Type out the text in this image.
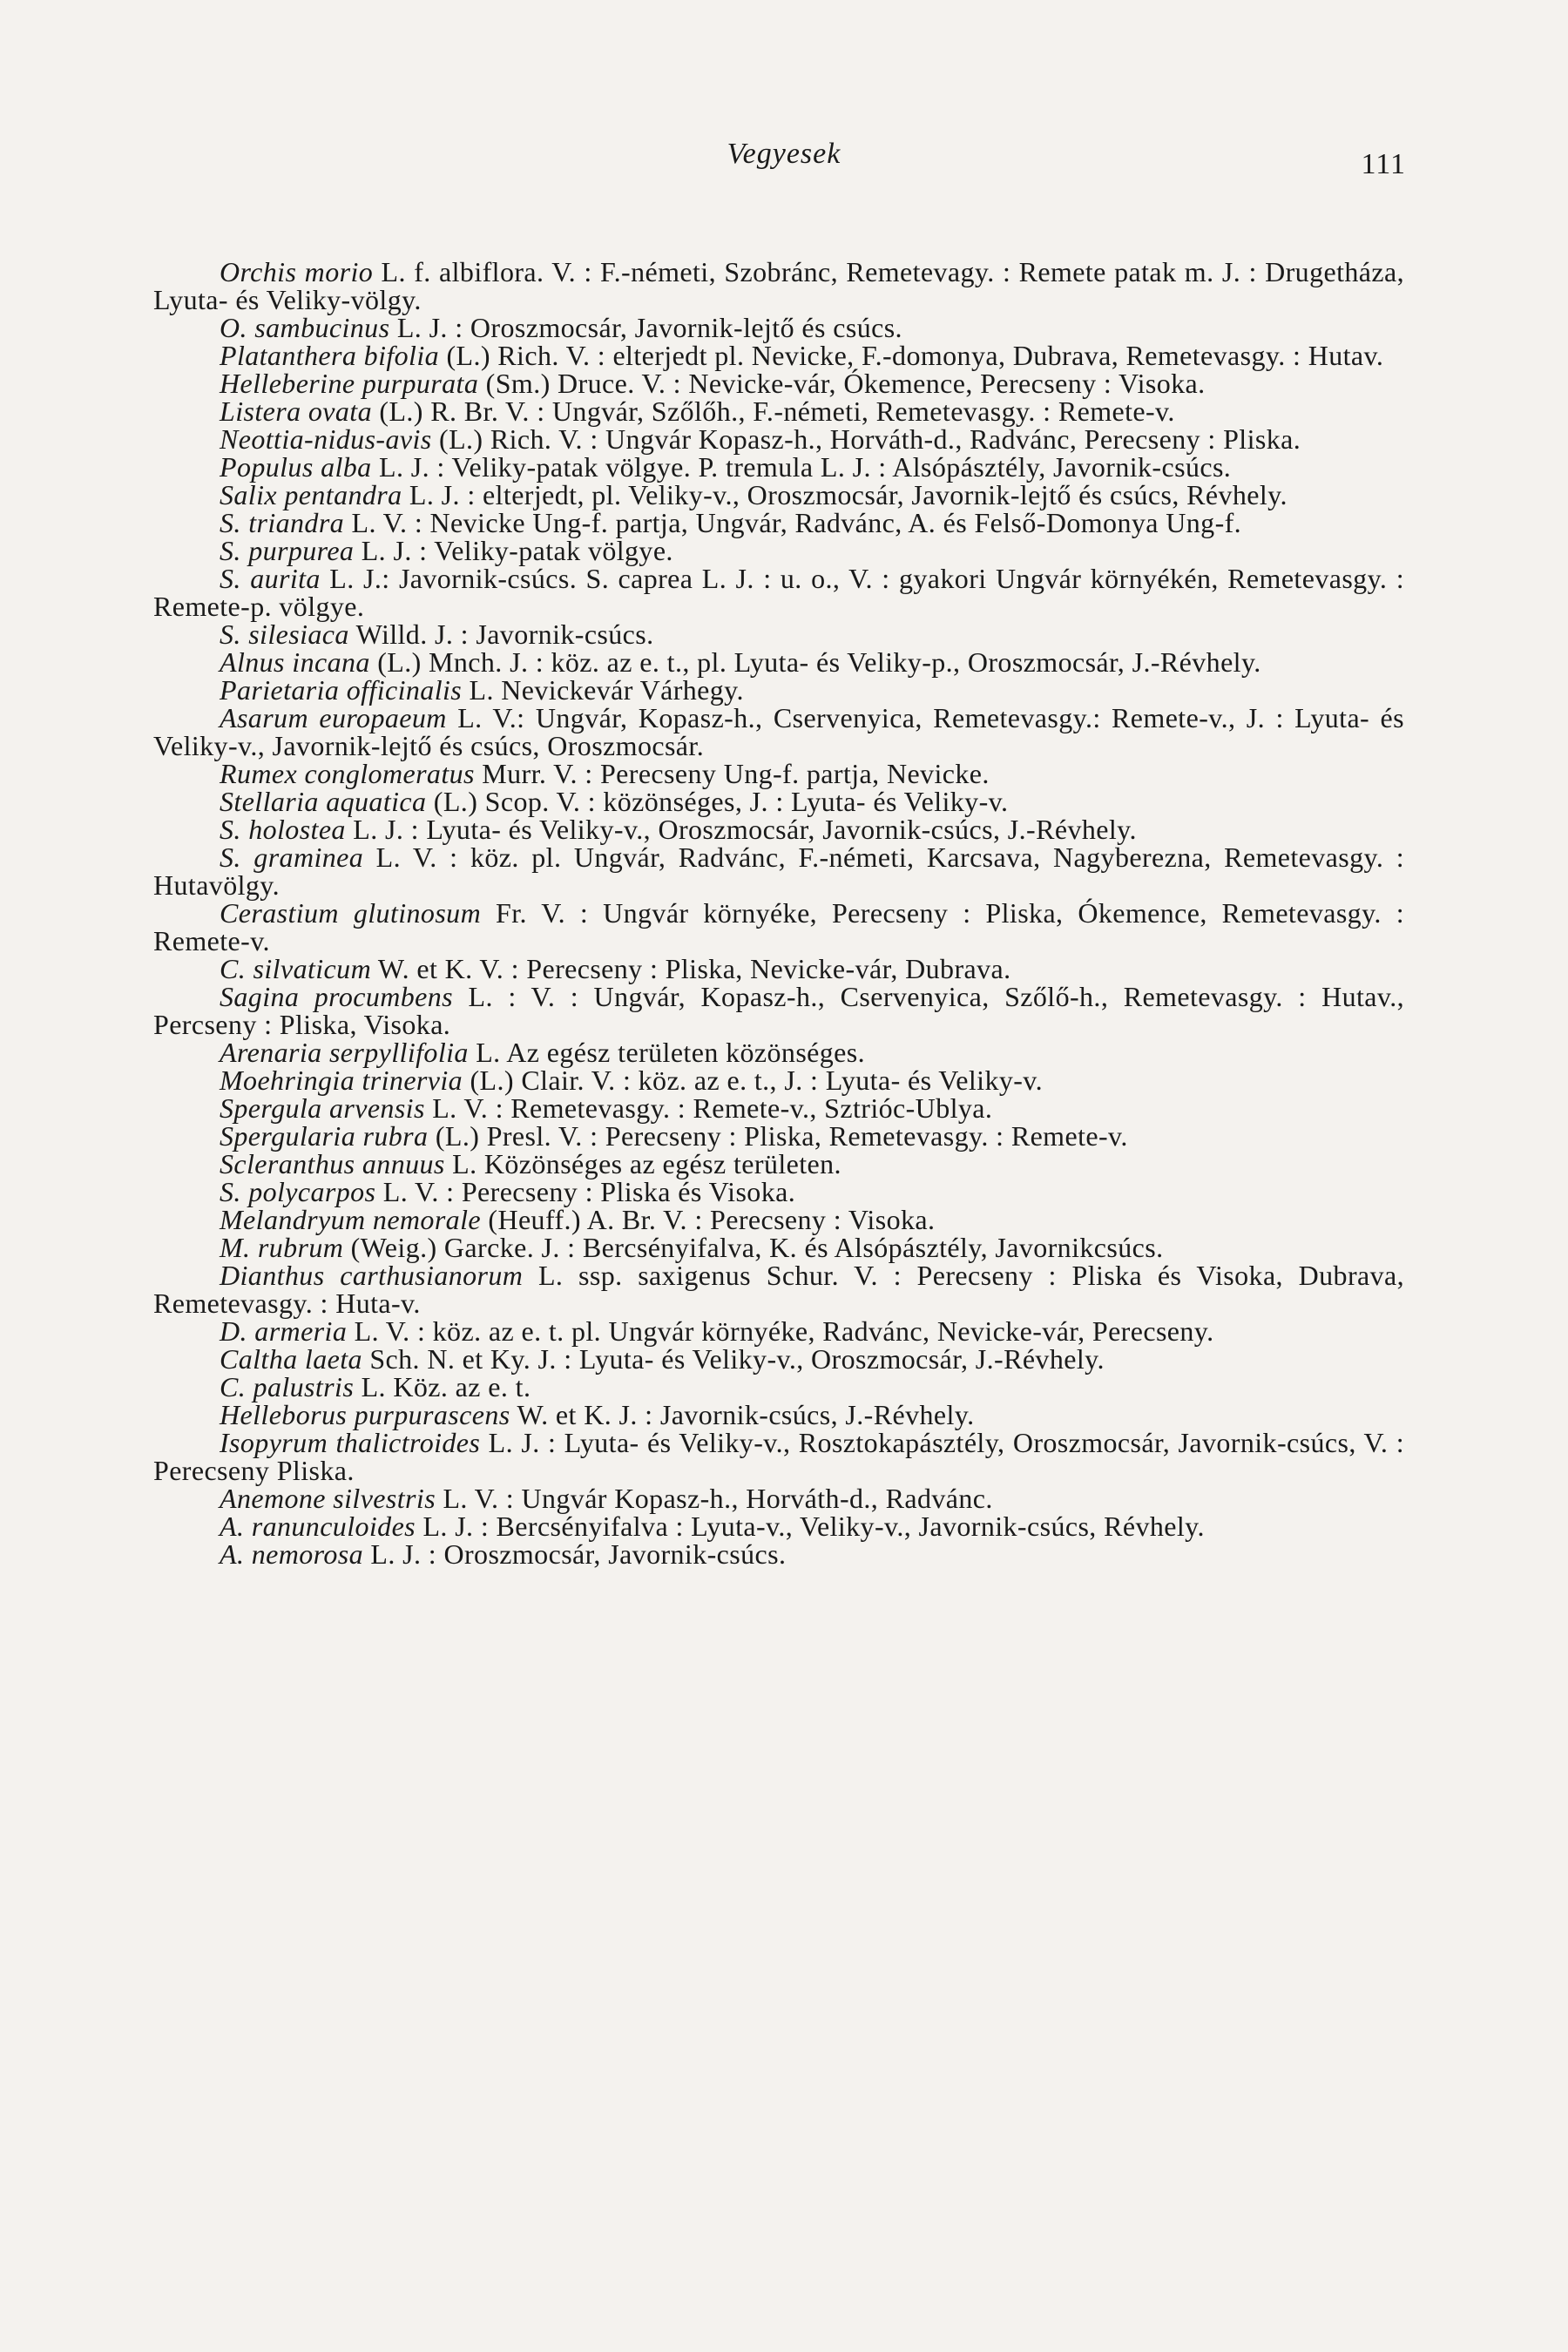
Vegyesek	111

Orchis morio L. f. albiflora. V. : F.-németi, Szobránc, Remetevagy. : Remete patak m. J. : Drugetháza, Lyuta- és Veliky-völgy.

O. sambucinus L. J. : Oroszmocsár, Javornik-lejtő és csúcs.

Platanthera bifolia (L.) Rich. V. : elterjedt pl. Nevicke, F.-domonya, Dubrava, Remetevasgy. : Hutav.

Helleberine purpurata (Sm.) Druce. V. : Nevicke-vár, Ókemence, Perecseny : Visoka.

Listera ovata (L.) R. Br. V. : Ungvár, Szőlőh., F.-németi, Remetevasgy. : Remete-v.

Neottia-nidus-avis (L.) Rich. V. : Ungvár Kopasz-h., Horváth-d., Radvánc, Perecseny : Pliska.

Populus alba L. J. : Veliky-patak völgye. P. tremula L. J. : Alsópásztély, Javornik-csúcs.

Salix pentandra L. J. : elterjedt, pl. Veliky-v., Oroszmocsár, Javornik-lejtő és csúcs, Révhely.

S. triandra L. V. : Nevicke Ung-f. partja, Ungvár, Radvánc, A. és Felső-Domonya Ung-f.

S. purpurea L. J. : Veliky-patak völgye.

S. aurita L. J.: Javornik-csúcs. S. caprea L. J. : u. o., V. : gyakori Ungvár környékén, Remetevasgy. : Remete-p. völgye.

S. silesiaca Willd. J. : Javornik-csúcs.

Alnus incana (L.) Mnch. J. : köz. az e. t., pl. Lyuta- és Veliky-p., Oroszmocsár, J.-Révhely.

Parietaria officinalis L. Nevickevár Várhegy.

Asarum europaeum L. V.: Ungvár, Kopasz-h., Cservenyica, Remetevasgy.: Remete-v., J. : Lyuta- és Veliky-v., Javornik-lejtő és csúcs, Oroszmocsár.

Rumex conglomeratus Murr. V. : Perecseny Ung-f. partja, Nevicke.

Stellaria aquatica (L.) Scop. V. : közönséges, J. : Lyuta- és Veliky-v.

S. holostea L. J. : Lyuta- és Veliky-v., Oroszmocsár, Javornik-csúcs, J.-Révhely.

S. graminea L. V. : köz. pl. Ungvár, Radvánc, F.-németi, Karcsava, Nagyberezna, Remetevasgy. : Hutavölgy.

Cerastium glutinosum Fr. V. : Ungvár környéke, Perecseny : Pliska, Ókemence, Remetevasgy. : Remete-v.

C. silvaticum W. et K. V. : Perecseny : Pliska, Nevicke-vár, Dubrava.

Sagina procumbens L. : V. : Ungvár, Kopasz-h., Cservenyica, Szőlő-h., Remetevasgy. : Hutav., Percseny : Pliska, Visoka.

Arenaria serpyllifolia L. Az egész területen közönséges.

Moehringia trinervia (L.) Clair. V. : köz. az e. t., J. : Lyuta- és Veliky-v.

Spergula arvensis L. V. : Remetevasgy. : Remete-v., Sztrióc-Ublya.

Spergularia rubra (L.) Presl. V. : Perecseny : Pliska, Remetevasgy. : Remete-v.

Scleranthus annuus L. Közönséges az egész területen.

S. polycarpos L. V. : Perecseny : Pliska és Visoka.

Melandryum nemorale (Heuff.) A. Br. V. : Perecseny : Visoka.

M. rubrum (Weig.) Garcke. J. : Bercsényifalva, K. és Alsópásztély, Javornikcsúcs.

Dianthus carthusianorum L. ssp. saxigenus Schur. V. : Perecseny : Pliska és Visoka, Dubrava, Remetevasgy. : Huta-v.

D. armeria L. V. : köz. az e. t. pl. Ungvár környéke, Radvánc, Nevicke-vár, Perecseny.

Caltha laeta Sch. N. et Ky. J. : Lyuta- és Veliky-v., Oroszmocsár, J.-Révhely.

C. palustris L. Köz. az e. t.

Helleborus purpurascens W. et K. J. : Javornik-csúcs, J.-Révhely.

Isopyrum thalictroides L. J. : Lyuta- és Veliky-v., Rosztokapásztély, Oroszmocsár, Javornik-csúcs, V. : Perecseny Pliska.

Anemone silvestris L. V. : Ungvár Kopasz-h., Horváth-d., Radvánc.

A. ranunculoides L. J. : Bercsényifalva : Lyuta-v., Veliky-v., Javornik-csúcs, Révhely.

A. nemorosa L. J. : Oroszmocsár, Javornik-csúcs.
